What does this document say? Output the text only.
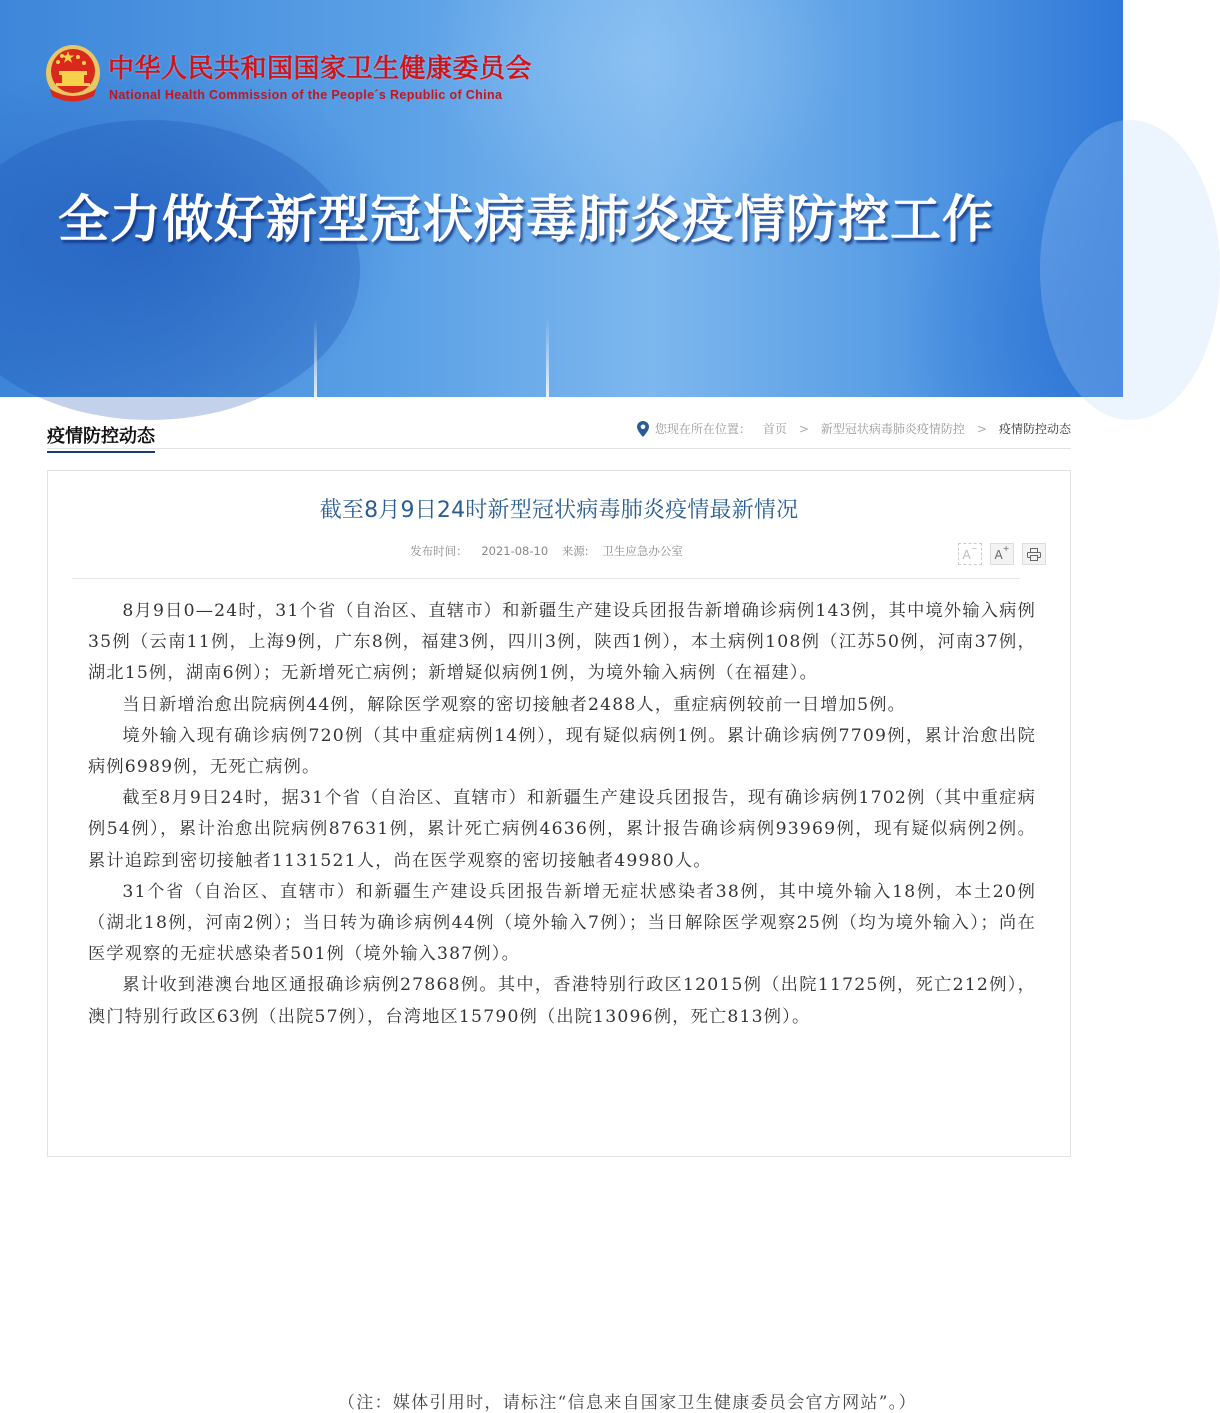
中华人民共和国国家卫生健康委员会
National Health Commission of the People´s Republic of China
全力做好新型冠状病毒肺炎疫情防控工作
疫情防控动态	您现在所在位置： 首页 > 新型冠状病毒肺炎疫情防控 > 疫情防控动态
截至8月9日24时新型冠状病毒肺炎疫情最新情况
发布时间： 2021-08-10 来源: 卫生应急办公室	A− A+

8月9日0—24时，31个省（自治区、直辖市）和新疆生产建设兵团报告新增确诊病例143例，其中境外输入病例35例（云南11例，上海9例，广东8例，福建3例，四川3例，陕西1例），本土病例108例（江苏50例，河南37例，湖北15例，湖南6例）；无新增死亡病例；新增疑似病例1例，为境外输入病例（在福建）。

当日新增治愈出院病例44例，解除医学观察的密切接触者2488人，重症病例较前一日增加5例。

境外输入现有确诊病例720例（其中重症病例14例），现有疑似病例1例。累计确诊病例7709例，累计治愈出院病例6989例，无死亡病例。

截至8月9日24时，据31个省（自治区、直辖市）和新疆生产建设兵团报告，现有确诊病例1702例（其中重症病例54例），累计治愈出院病例87631例，累计死亡病例4636例，累计报告确诊病例93969例，现有疑似病例2例。累计追踪到密切接触者1131521人，尚在医学观察的密切接触者49980人。

31个省（自治区、直辖市）和新疆生产建设兵团报告新增无症状感染者38例，其中境外输入18例，本土20例（湖北18例，河南2例）；当日转为确诊病例44例（境外输入7例）；当日解除医学观察25例（均为境外输入）；尚在医学观察的无症状感染者501例（境外输入387例）。

累计收到港澳台地区通报确诊病例27868例。其中，香港特别行政区12015例（出院11725例，死亡212例），澳门特别行政区63例（出院57例），台湾地区15790例（出院13096例，死亡813例）。

（注：媒体引用时，请标注“信息来自国家卫生健康委员会官方网站”。）
